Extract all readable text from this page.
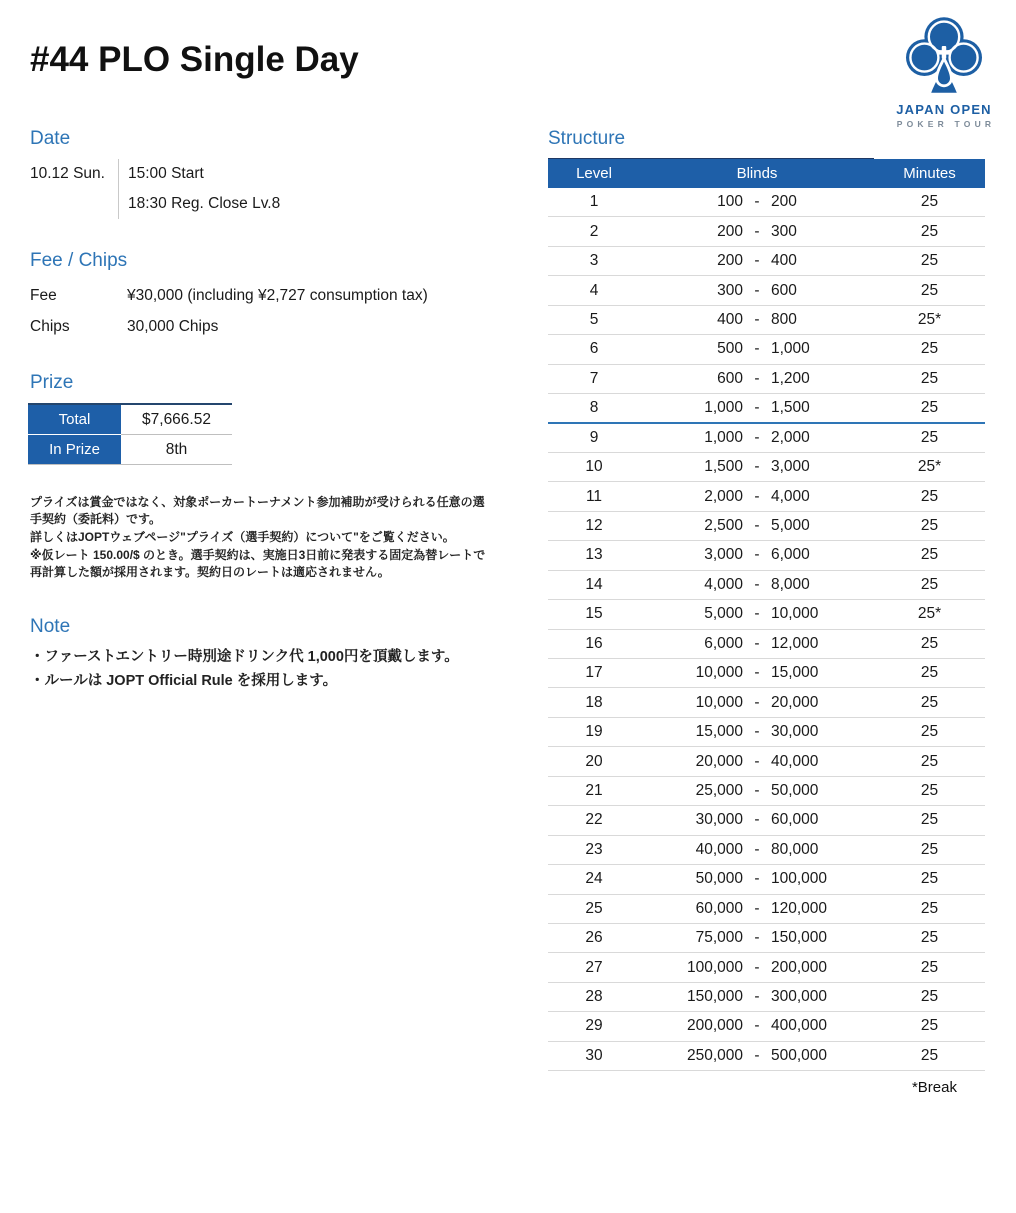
#44 PLO Single Day
JAPAN OPEN
POKER TOUR
Date
10.12 Sun.	15:00 Start
18:30 Reg. Close Lv.8
Fee / Chips
Fee	¥30,000 (including ¥2,727 consumption tax)
Chips	30,000 Chips
Prize
Total	$7,666.52
In Prize	8th

プライズは賞金ではなく、対象ポーカートーナメント参加補助が受けられる任意の選手契約（委託料）です。

詳しくはJOPTウェブページ"プライズ（選手契約）について"をご覧ください。

※仮レート 150.00/$ のとき。選手契約は、実施日3日前に発表する固定為替レートで再計算した額が採用されます。契約日のレートは適応されません。

Note
・ファーストエントリー時別途ドリンク代 1,000円を頂戴します。
・ルールは JOPT Official Rule を採用します。
Structure
Level	Blinds	Minutes
1	100 - 200	25
2	200 - 300	25
3	200 - 400	25
4	300 - 600	25
5	400 - 800	25*
6	500 - 1,000	25
7	600 - 1,200	25
8	1,000 - 1,500	25
9	1,000 - 2,000	25
10	1,500 - 3,000	25*
11	2,000 - 4,000	25
12	2,500 - 5,000	25
13	3,000 - 6,000	25
14	4,000 - 8,000	25
15	5,000 - 10,000	25*
16	6,000 - 12,000	25
17	10,000 - 15,000	25
18	10,000 - 20,000	25
19	15,000 - 30,000	25
20	20,000 - 40,000	25
21	25,000 - 50,000	25
22	30,000 - 60,000	25
23	40,000 - 80,000	25
24	50,000 - 100,000	25
25	60,000 - 120,000	25
26	75,000 - 150,000	25
27	100,000 - 200,000	25
28	150,000 - 300,000	25
29	200,000 - 400,000	25
30	250,000 - 500,000	25
*Break
